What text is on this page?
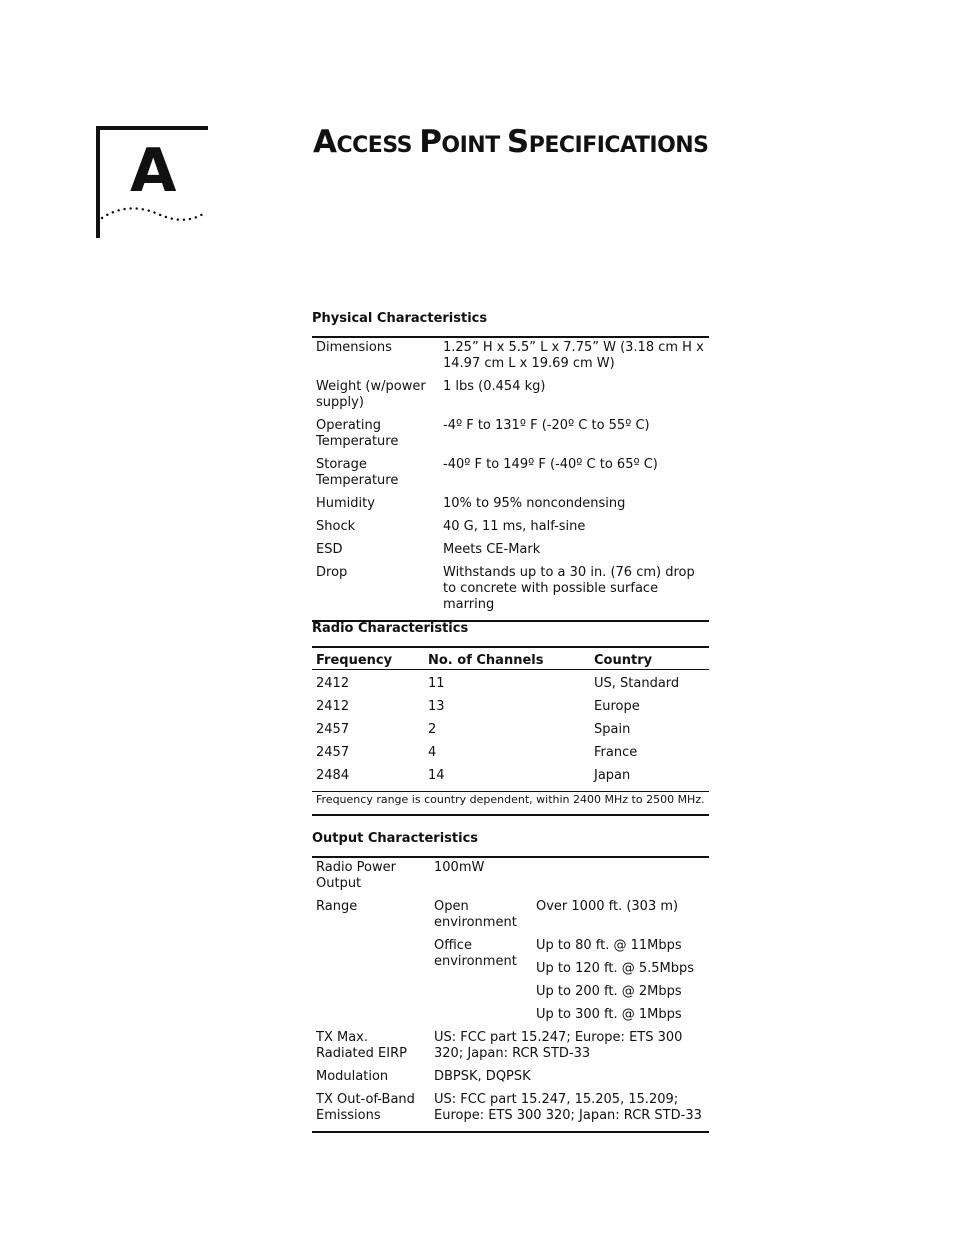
A	ACCESS POINT SPECIFICATIONS
Physical Characteristics
Dimensions	1.25” H x 5.5” L x 7.75” W (3.18 cm H x 14.97 cm L x 19.69 cm W)
Weight (w/power supply)	1 lbs (0.454 kg)
Operating Temperature	-4º F to 131º F (-20º C to 55º C)
Storage Temperature	-40º F to 149º F (-40º C to 65º C)
Humidity	10% to 95% noncondensing
Shock	40 G, 11 ms, half-sine
ESD	Meets CE-Mark
Drop	Withstands up to a 30 in. (76 cm) drop to concrete with possible surface marring
Radio Characteristics
Frequency	No. of Channels	Country
2412	11	US, Standard
2412	13	Europe
2457	2	Spain
2457	4	France
2484	14	Japan
Frequency range is country dependent, within 2400 MHz to 2500 MHz.		
Output Characteristics
Radio Power Output	100mW	
Range	Open environment	Over 1000 ft. (303 m)
	Office environment	Up to 80 ft. @ 11Mbps
		Up to 120 ft. @ 5.5Mbps
		Up to 200 ft. @ 2Mbps
		Up to 300 ft. @ 1Mbps
TX Max. Radiated EIRP	US: FCC part 15.247; Europe: ETS 300 320; Japan: RCR STD-33	
Modulation	DBPSK, DQPSK	
TX Out-of-Band Emissions	US: FCC part 15.247, 15.205, 15.209; Europe: ETS 300 320; Japan: RCR STD-33	
